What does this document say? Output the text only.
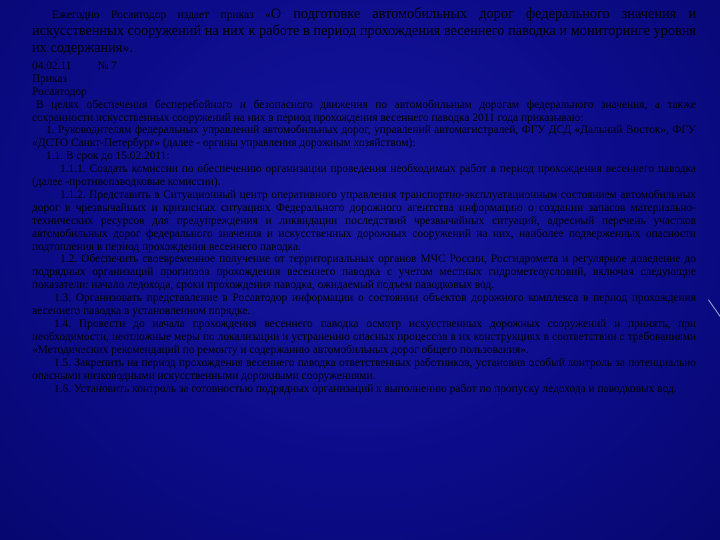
Ежегодно Росавтодор издает приказ «О подготовке автомобильных дорог федерального значения и искусственных сооружений на них к работе в период прохождения весеннего паводка и мониторинге уровня их содержания».

04.02.11 № 7

Приказ

Росавтодор

В целях обеспечения бесперебойного и безопасного движения по автомобильным дорогам федерального значения, а также сохранности искусственных сооружений на них в период прохождения весеннего паводка 2011 года приказываю:

1. Руководителям федеральных управлений автомобильных дорог, управлений автомагистралей, ФГУ ДСД «Дальний Восток», ФГУ «ДСТО Санкт-Петербург» (далее - органы управления дорожным хозяйством):

1.1. В срок до 15.02.2011:

1.1.1. Создать комиссии по обеспечению организации проведения необходимых работ в период прохождения весеннего паводка (далее -противопаводковые комиссии).

1.1.2. Представить в Ситуационный центр оперативного управления транспортно-эксплуатационным состоянием автомобильных дорог в чрезвычайных и кризисных ситуациях Федерального дорожного агентства информацию о создании запасов материально-технических ресурсов для предупреждения и ликвидации последствий чрезвычайных ситуаций, адресный перечень участков автомобильных дорог федерального значения и искусственных дорожных сооружений на них, наиболее подверженных опасности подтопления в период прохождения весеннего паводка.

1.2. Обеспечить своевременное получение от территориальных органов МЧС России, Росгидромета и регулярное доведение до подрядных организаций прогнозов прохождения весеннего паводка с учетом местных гидрометеоусловий, включая следующие показатели: начало ледохода, сроки прохождения паводка, ожидаемый подъем паводковых вод.

1.3. Организовать представление в Росавтодор информации о состоянии объектов дорожного комплекса в период прохождения весеннего паводка в установленном порядке.

1.4. Провести до начала прохождения весеннего паводка осмотр искусственных дорожных сооружений и принять, при необходимости, неотложные меры по локализации и устранению опасных процессов в их конструкциях в соответствии с требованиями «Методических рекомендаций по ремонту и содержанию автомобильных дорог общего пользования».

1.5. Закрепить на период прохождения весеннего паводка ответственных работников, установив особый контроль за потенциально опасными низководными искусственными дорожными сооружениями.

1.6. Установить контроль за готовностью подрядных организаций к выполнению работ по пропуску ледохода и паводковых вод.
